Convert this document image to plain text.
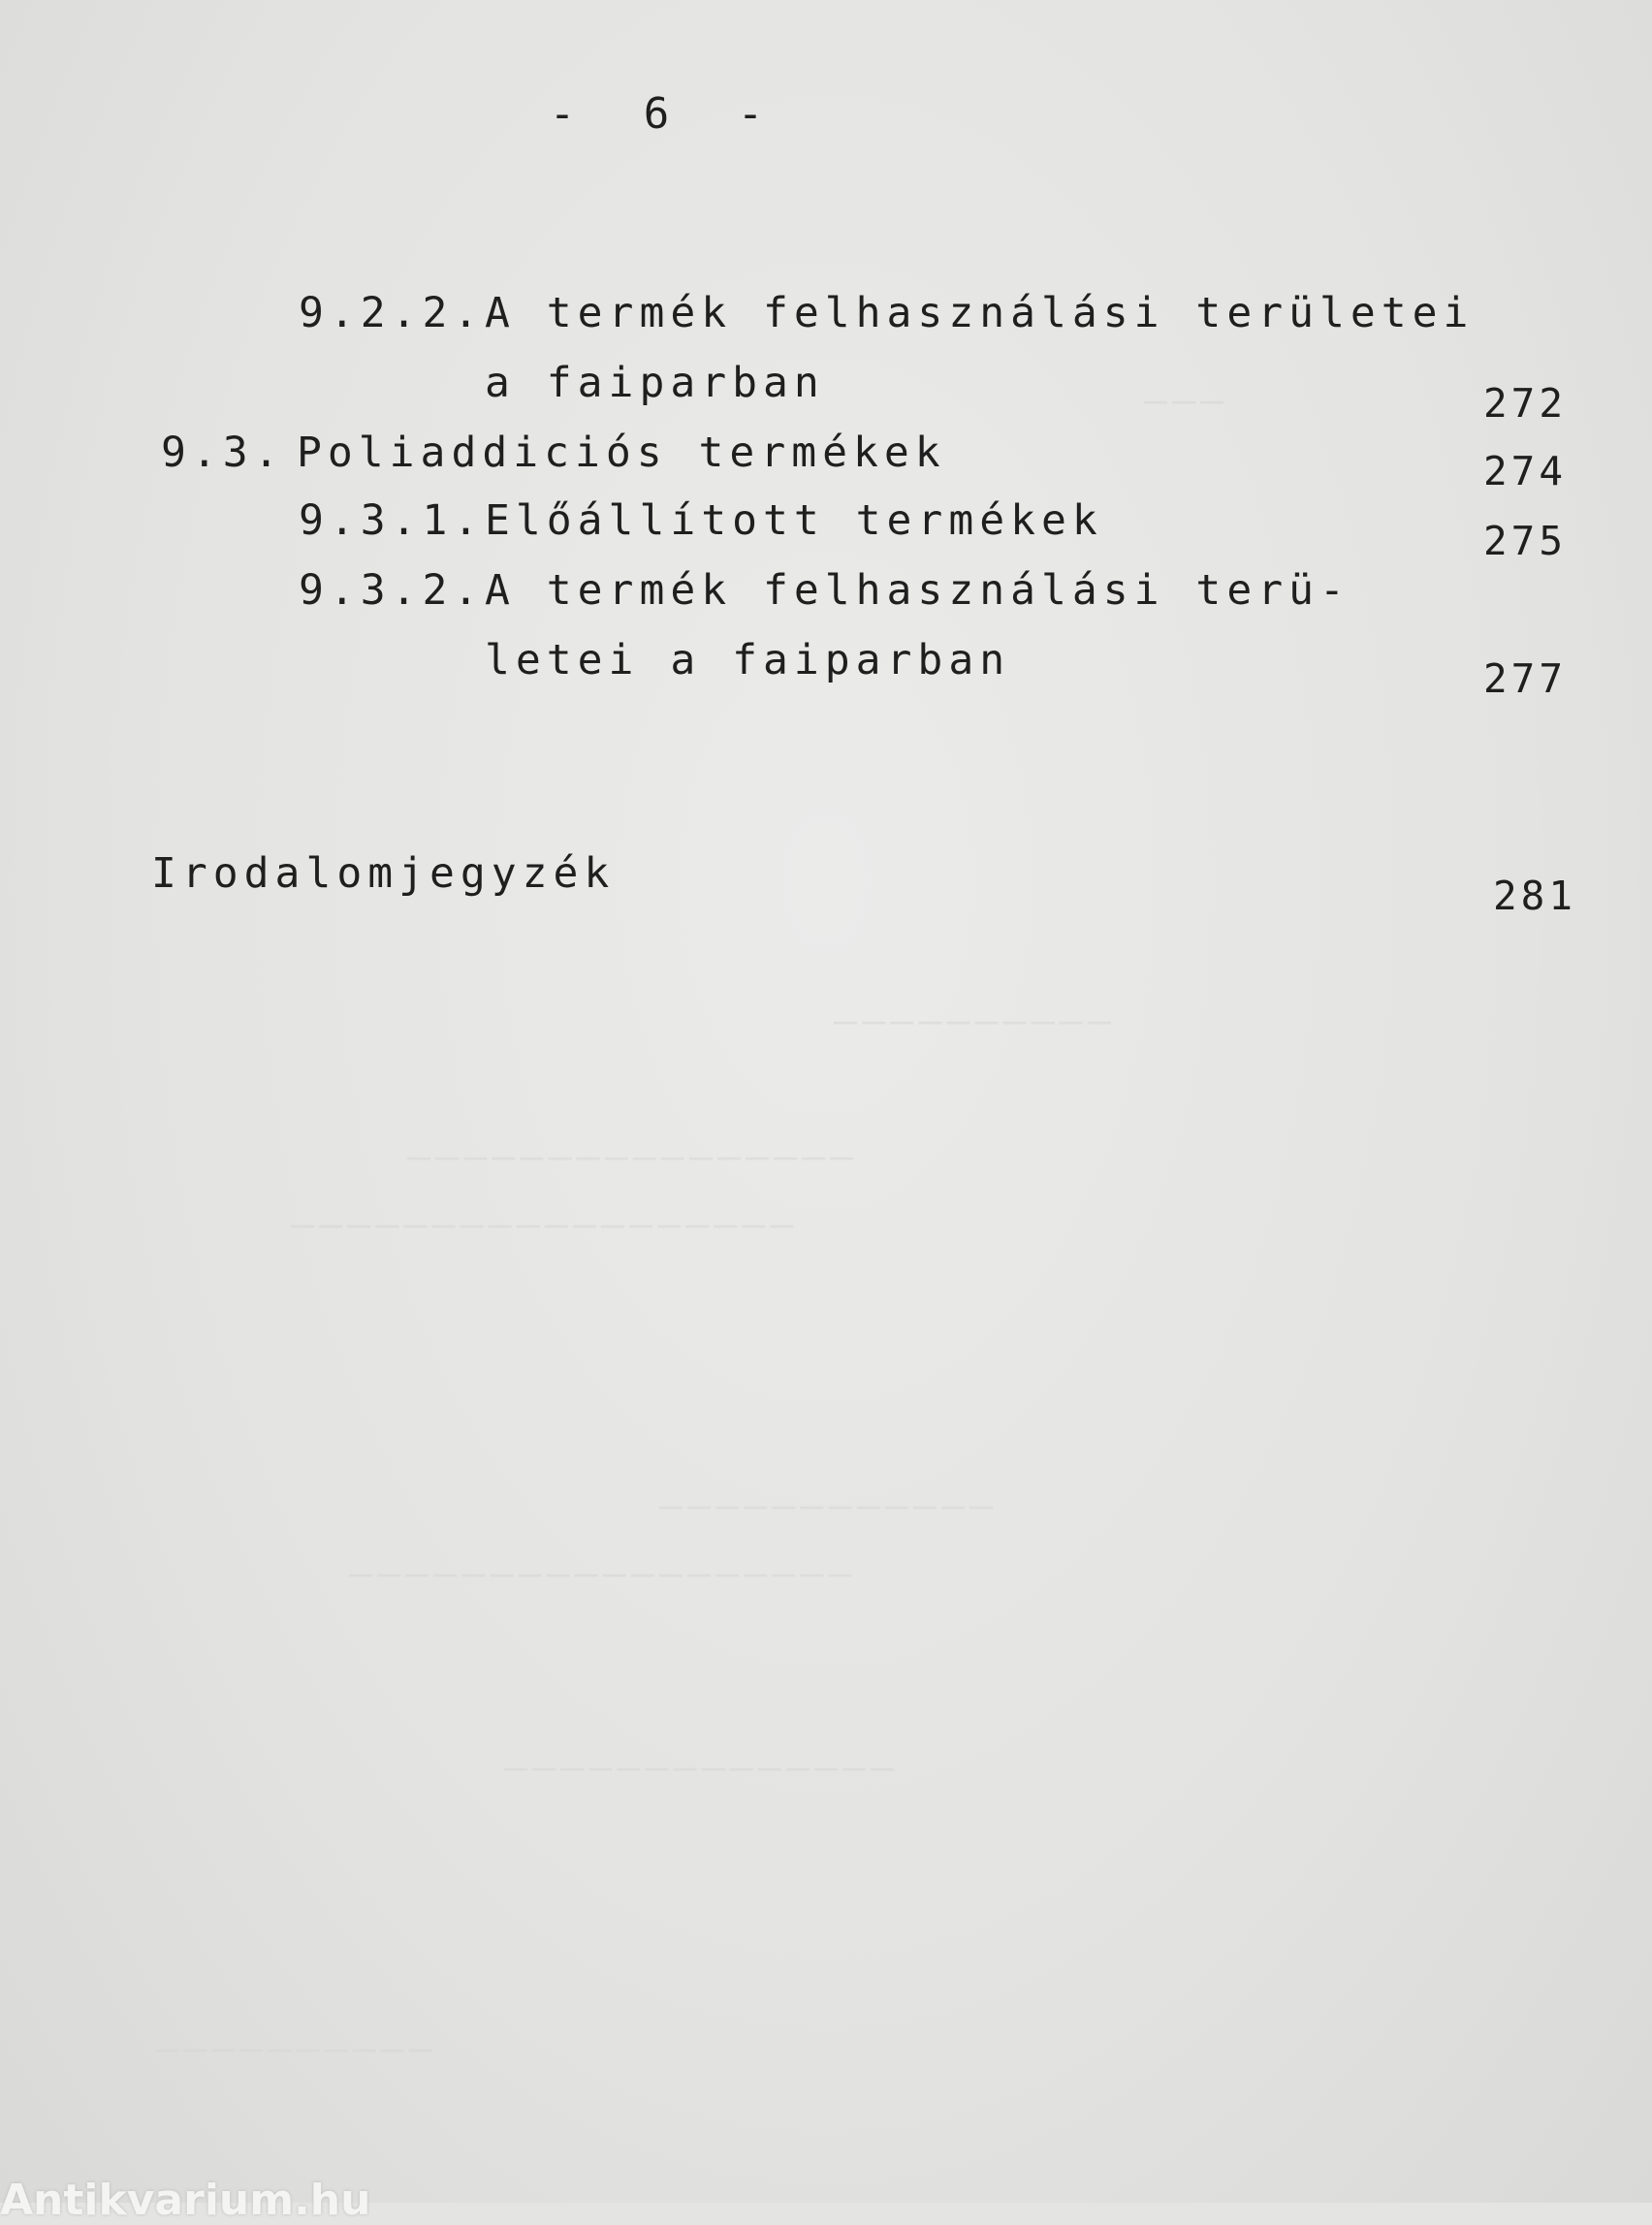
- 6 -
9.2.2. A termék felhasználási területei
a faiparban	272
9.3. Poliaddiciós termékek	274
9.3.1. Előállított termékek	275
9.3.2. A termék felhasználási terü-
letei a faiparban	277
Irodalomjegyzék	281
———
——————————
————————————————
——————————————————
————————————
——————————————————
——————————————
——————————
Antikvarium.hu
